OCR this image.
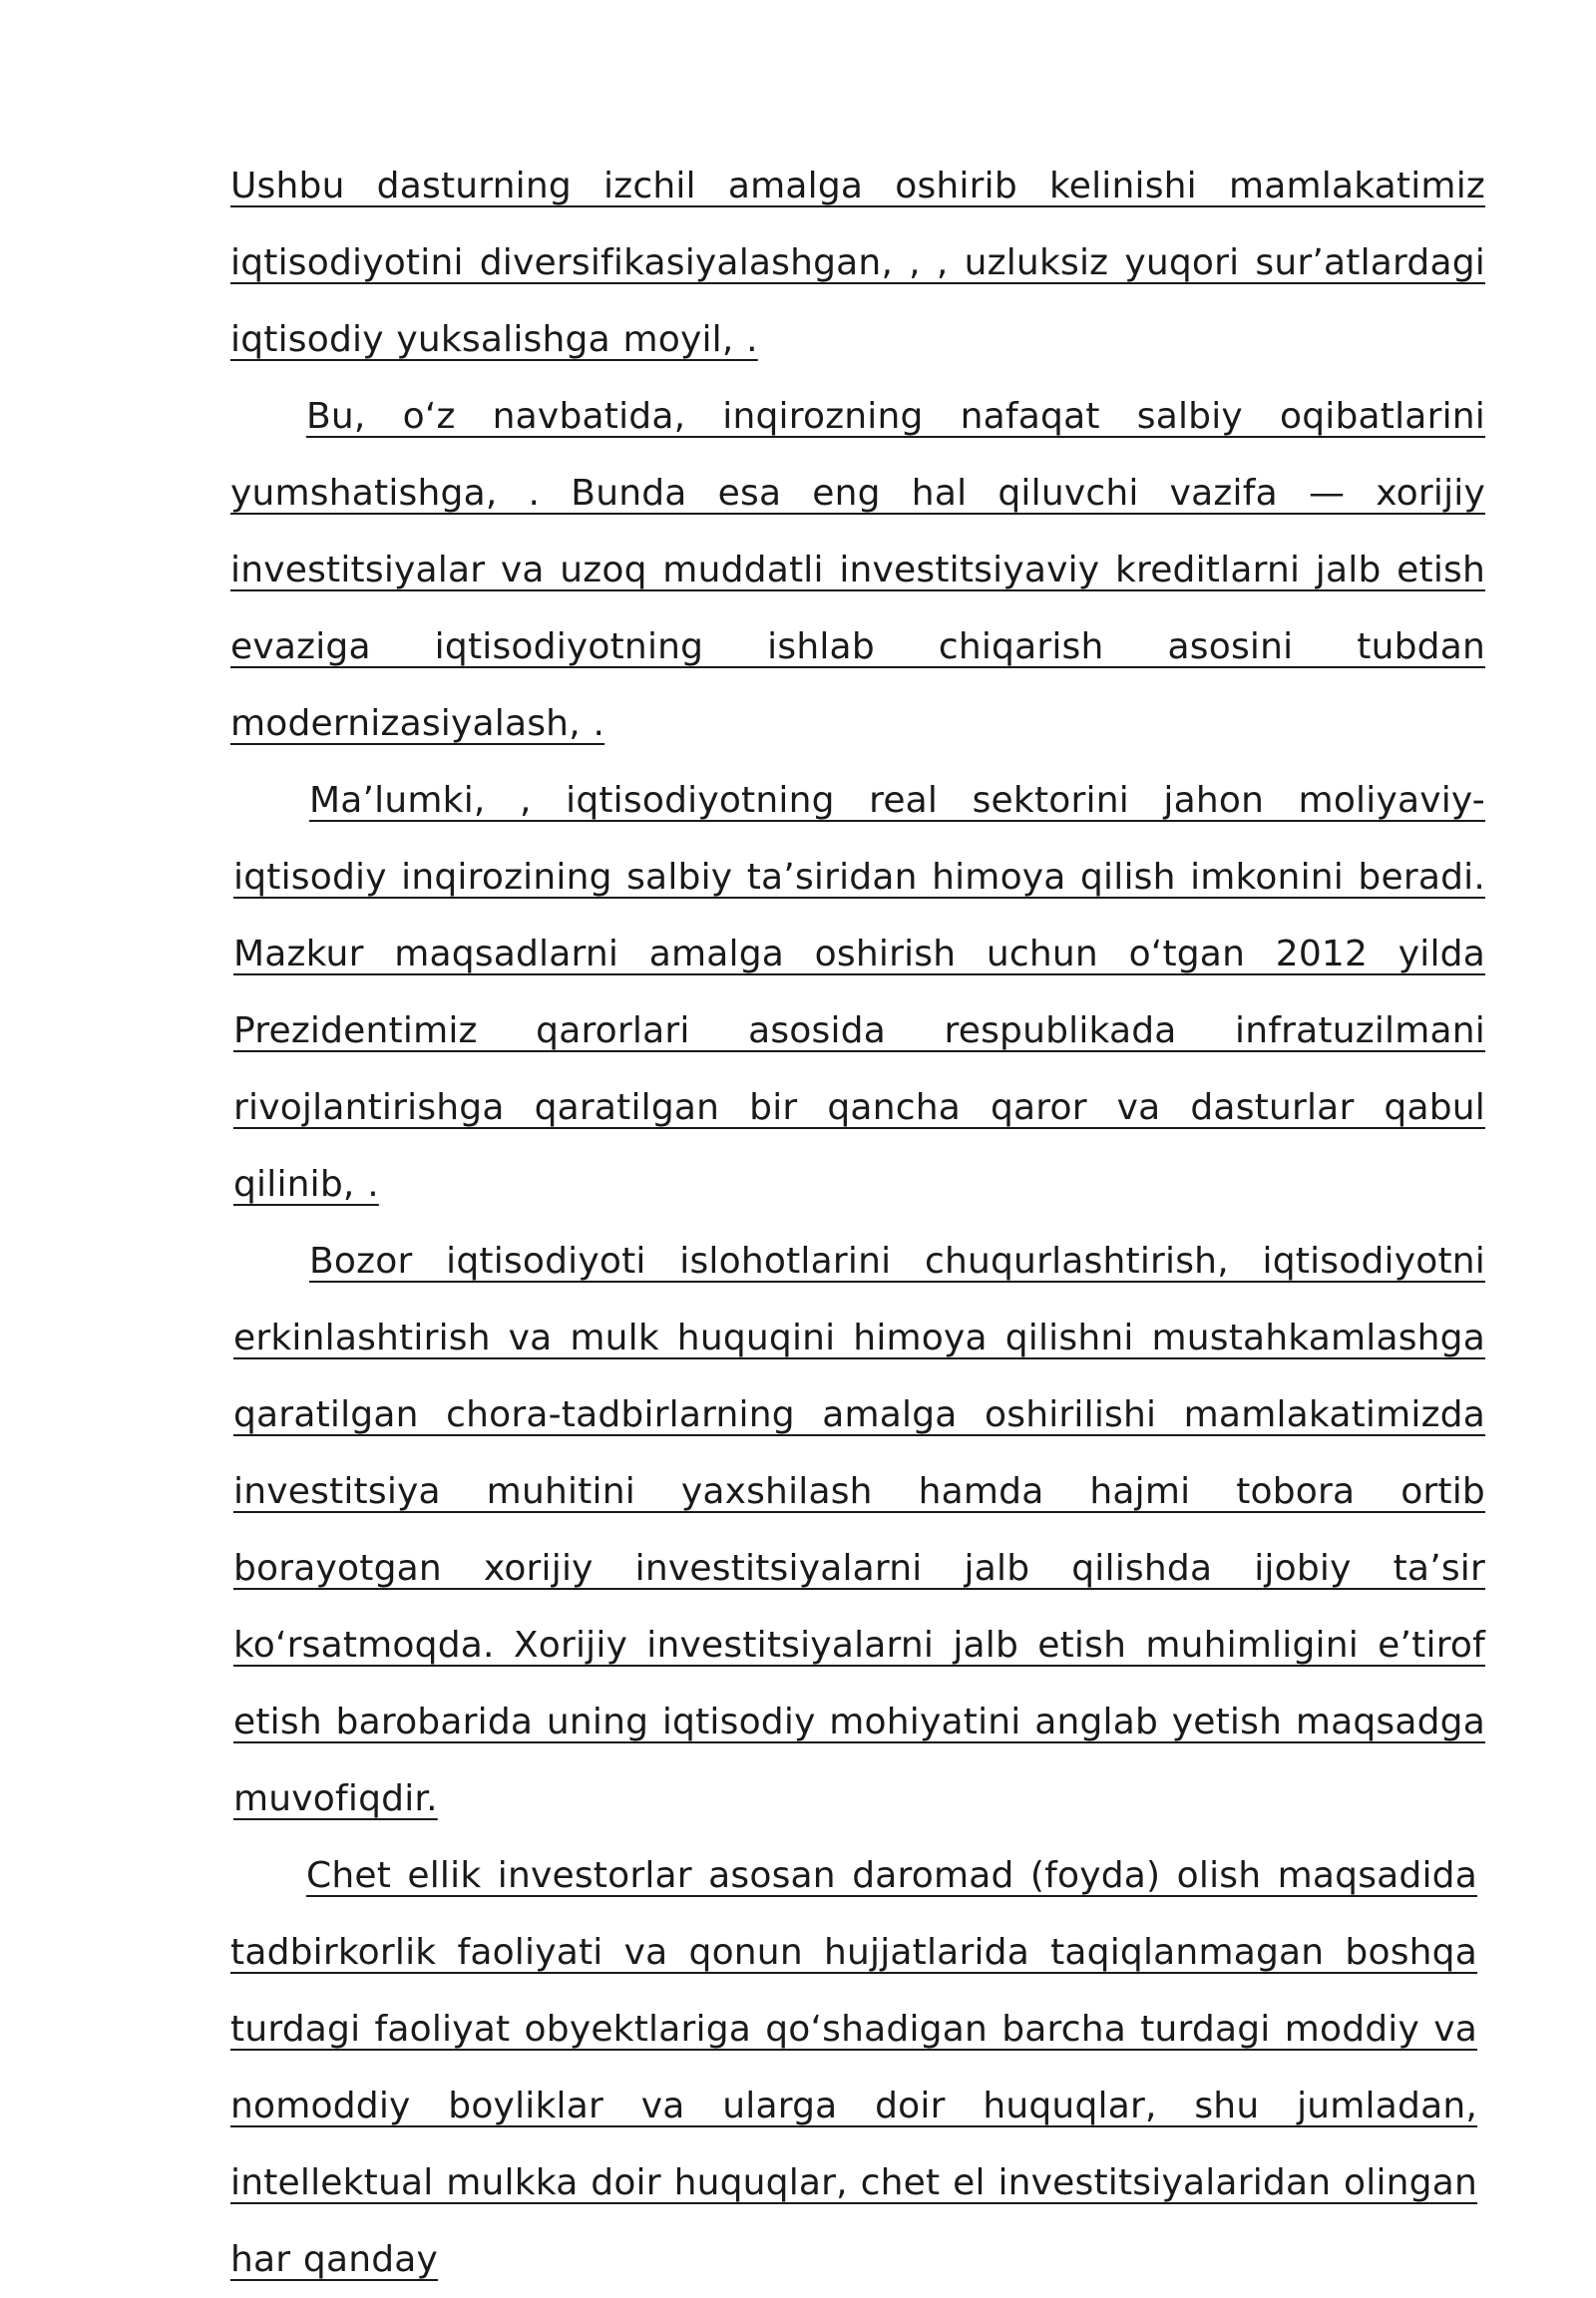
Ushbu dasturning izchil amalga oshirib kelinishi mamlakatimiz iqtisodiyotini diversifikasiyalashgan, , , uzluksiz yuqori sur’atlardagi iqtisodiy yuksalishga moyil, .

Bu, o‘z navbatida, inqirozning nafaqat salbiy oqibatlarini yumshatishga, . Bunda esa eng hal qiluvchi vazifa — xorijiy investitsiyalar va uzoq muddatli investitsiyaviy kreditlarni jalb etish evaziga iqtisodiyotning ishlab chiqarish asosini tubdan modernizasiyalash, .

Ma’lumki, , iqtisodiyotning real sektorini jahon moliyaviy-iqtisodiy inqirozining salbiy ta’siridan himoya qilish imkonini beradi. Mazkur maqsadlarni amalga oshirish uchun o‘tgan 2012 yilda Prezidentimiz qarorlari asosida respublikada infratuzilmani rivojlantirishga qaratilgan bir qancha qaror va dasturlar qabul qilinib, .

Bozor iqtisodiyoti islohotlarini chuqurlashtirish, iqtisodiyotni erkinlashtirish va mulk huquqini himoya qilishni mustahkamlashga qaratilgan chora-tadbirlarning amalga oshirilishi mamlakatimizda investitsiya muhitini yaxshilash hamda hajmi tobora ortib borayotgan xorijiy investitsiyalarni jalb qilishda ijobiy ta’sir ko‘rsatmoqda. Xorijiy investitsiyalarni jalb etish muhimligini e’tirof etish barobarida uning iqtisodiy mohiyatini anglab yetish maqsadga muvofiqdir.

Chet ellik investorlar asosan daromad (foyda) olish maqsadida tadbirkorlik faoliyati va qonun hujjatlarida taqiqlanmagan boshqa turdagi faoliyat obyektlariga qo‘shadigan barcha turdagi moddiy va nomoddiy boyliklar va ularga doir huquqlar, shu jumladan, intellektual mulkka doir huquqlar, chet el investitsiyalaridan olingan har qanday
